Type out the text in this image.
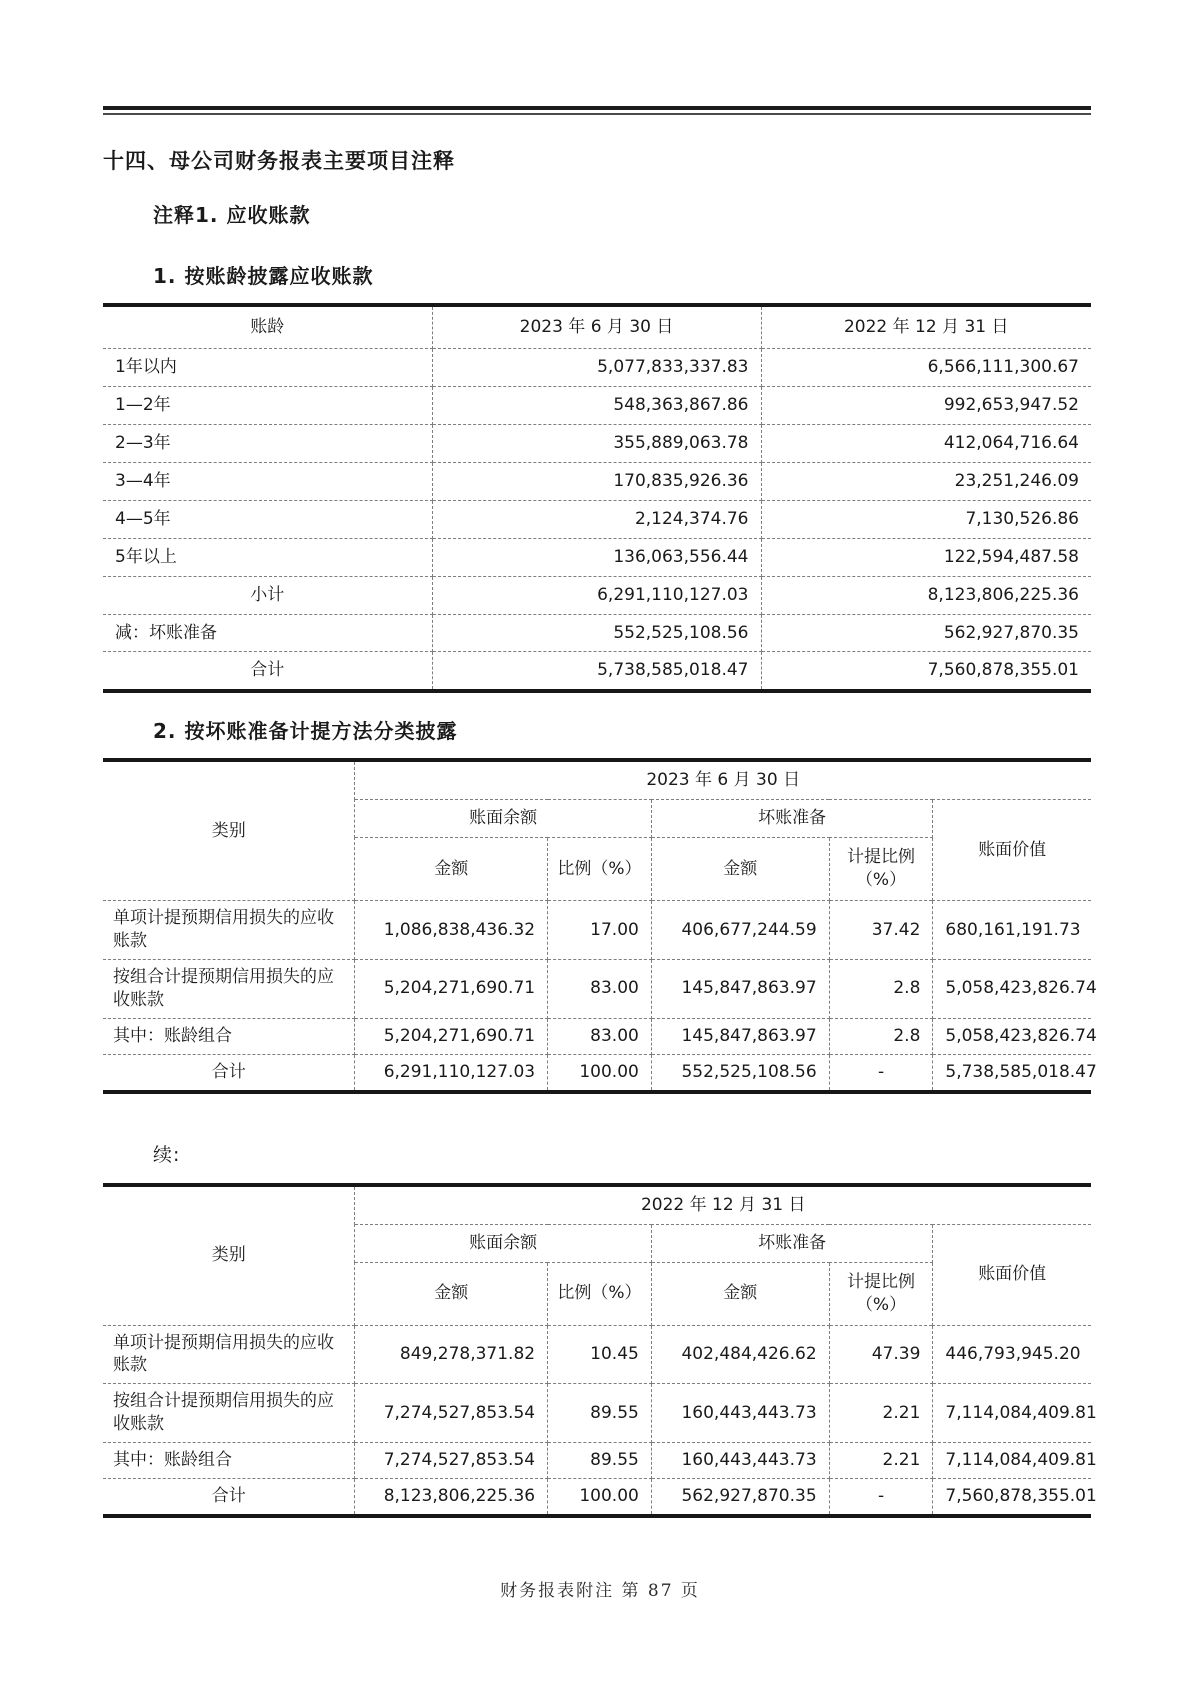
十四、母公司财务报表主要项目注释
注释1. 应收账款
1. 按账龄披露应收账款
账龄	2023 年 6 月 30 日	2022 年 12 月 31 日
1年以内	5,077,833,337.83	6,566,111,300.67
1—2年	548,363,867.86	992,653,947.52
2—3年	355,889,063.78	412,064,716.64
3—4年	170,835,926.36	23,251,246.09
4—5年	2,124,374.76	7,130,526.86
5年以上	136,063,556.44	122,594,487.58
小计	6,291,110,127.03	8,123,806,225.36
减：坏账准备	552,525,108.56	562,927,870.35
合计	5,738,585,018.47	7,560,878,355.01
2. 按坏账准备计提方法分类披露
类别	2023 年 6 月 30 日				
	账面余额		坏账准备		账面价值
	金额	比例（%）	金额	计提比例（%）	
单项计提预期信用损失的应收账款	1,086,838,436.32	17.00	406,677,244.59	37.42	680,161,191.73
按组合计提预期信用损失的应收账款	5,204,271,690.71	83.00	145,847,863.97	2.8	5,058,423,826.74
其中：账龄组合	5,204,271,690.71	83.00	145,847,863.97	2.8	5,058,423,826.74
合计	6,291,110,127.03	100.00	552,525,108.56	-	5,738,585,018.47
续:
类别	2022 年 12 月 31 日				
	账面余额		坏账准备		账面价值
	金额	比例（%）	金额	计提比例（%）	
单项计提预期信用损失的应收账款	849,278,371.82	10.45	402,484,426.62	47.39	446,793,945.20
按组合计提预期信用损失的应收账款	7,274,527,853.54	89.55	160,443,443.73	2.21	7,114,084,409.81
其中：账龄组合	7,274,527,853.54	89.55	160,443,443.73	2.21	7,114,084,409.81
合计	8,123,806,225.36	100.00	562,927,870.35	-	7,560,878,355.01
财务报表附注 第 87 页
